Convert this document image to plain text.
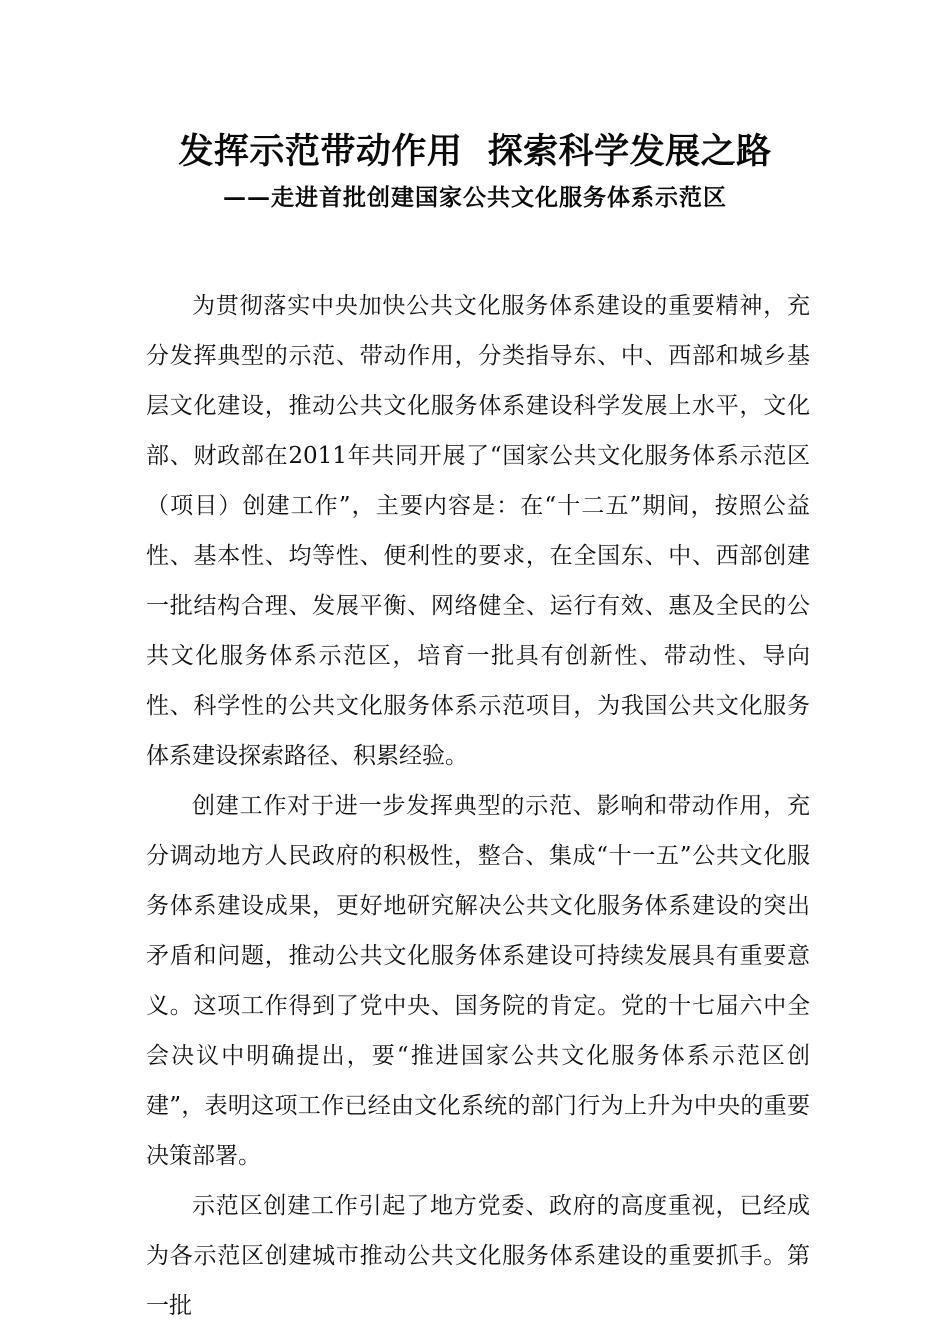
发挥示范带动作用  探索科学发展之路
——走进首批创建国家公共文化服务体系示范区

为贯彻落实中央加快公共文化服务体系建设的重要精神，充分发挥典型的示范、带动作用，分类指导东、中、西部和城乡基层文化建设，推动公共文化服务体系建设科学发展上水平，文化部、财政部在2011年共同开展了“国家公共文化服务体系示范区（项目）创建工作”，主要内容是：在“十二五”期间，按照公益性、基本性、均等性、便利性的要求，在全国东、中、西部创建一批结构合理、发展平衡、网络健全、运行有效、惠及全民的公共文化服务体系示范区，培育一批具有创新性、带动性、导向性、科学性的公共文化服务体系示范项目，为我国公共文化服务体系建设探索路径、积累经验。

创建工作对于进一步发挥典型的示范、影响和带动作用，充分调动地方人民政府的积极性，整合、集成“十一五”公共文化服务体系建设成果，更好地研究解决公共文化服务体系建设的突出矛盾和问题，推动公共文化服务体系建设可持续发展具有重要意义。这项工作得到了党中央、国务院的肯定。党的十七届六中全会决议中明确提出，要“推进国家公共文化服务体系示范区创建”，表明这项工作已经由文化系统的部门行为上升为中央的重要决策部署。

示范区创建工作引起了地方党委、政府的高度重视，已经成为各示范区创建城市推动公共文化服务体系建设的重要抓手。第一批
